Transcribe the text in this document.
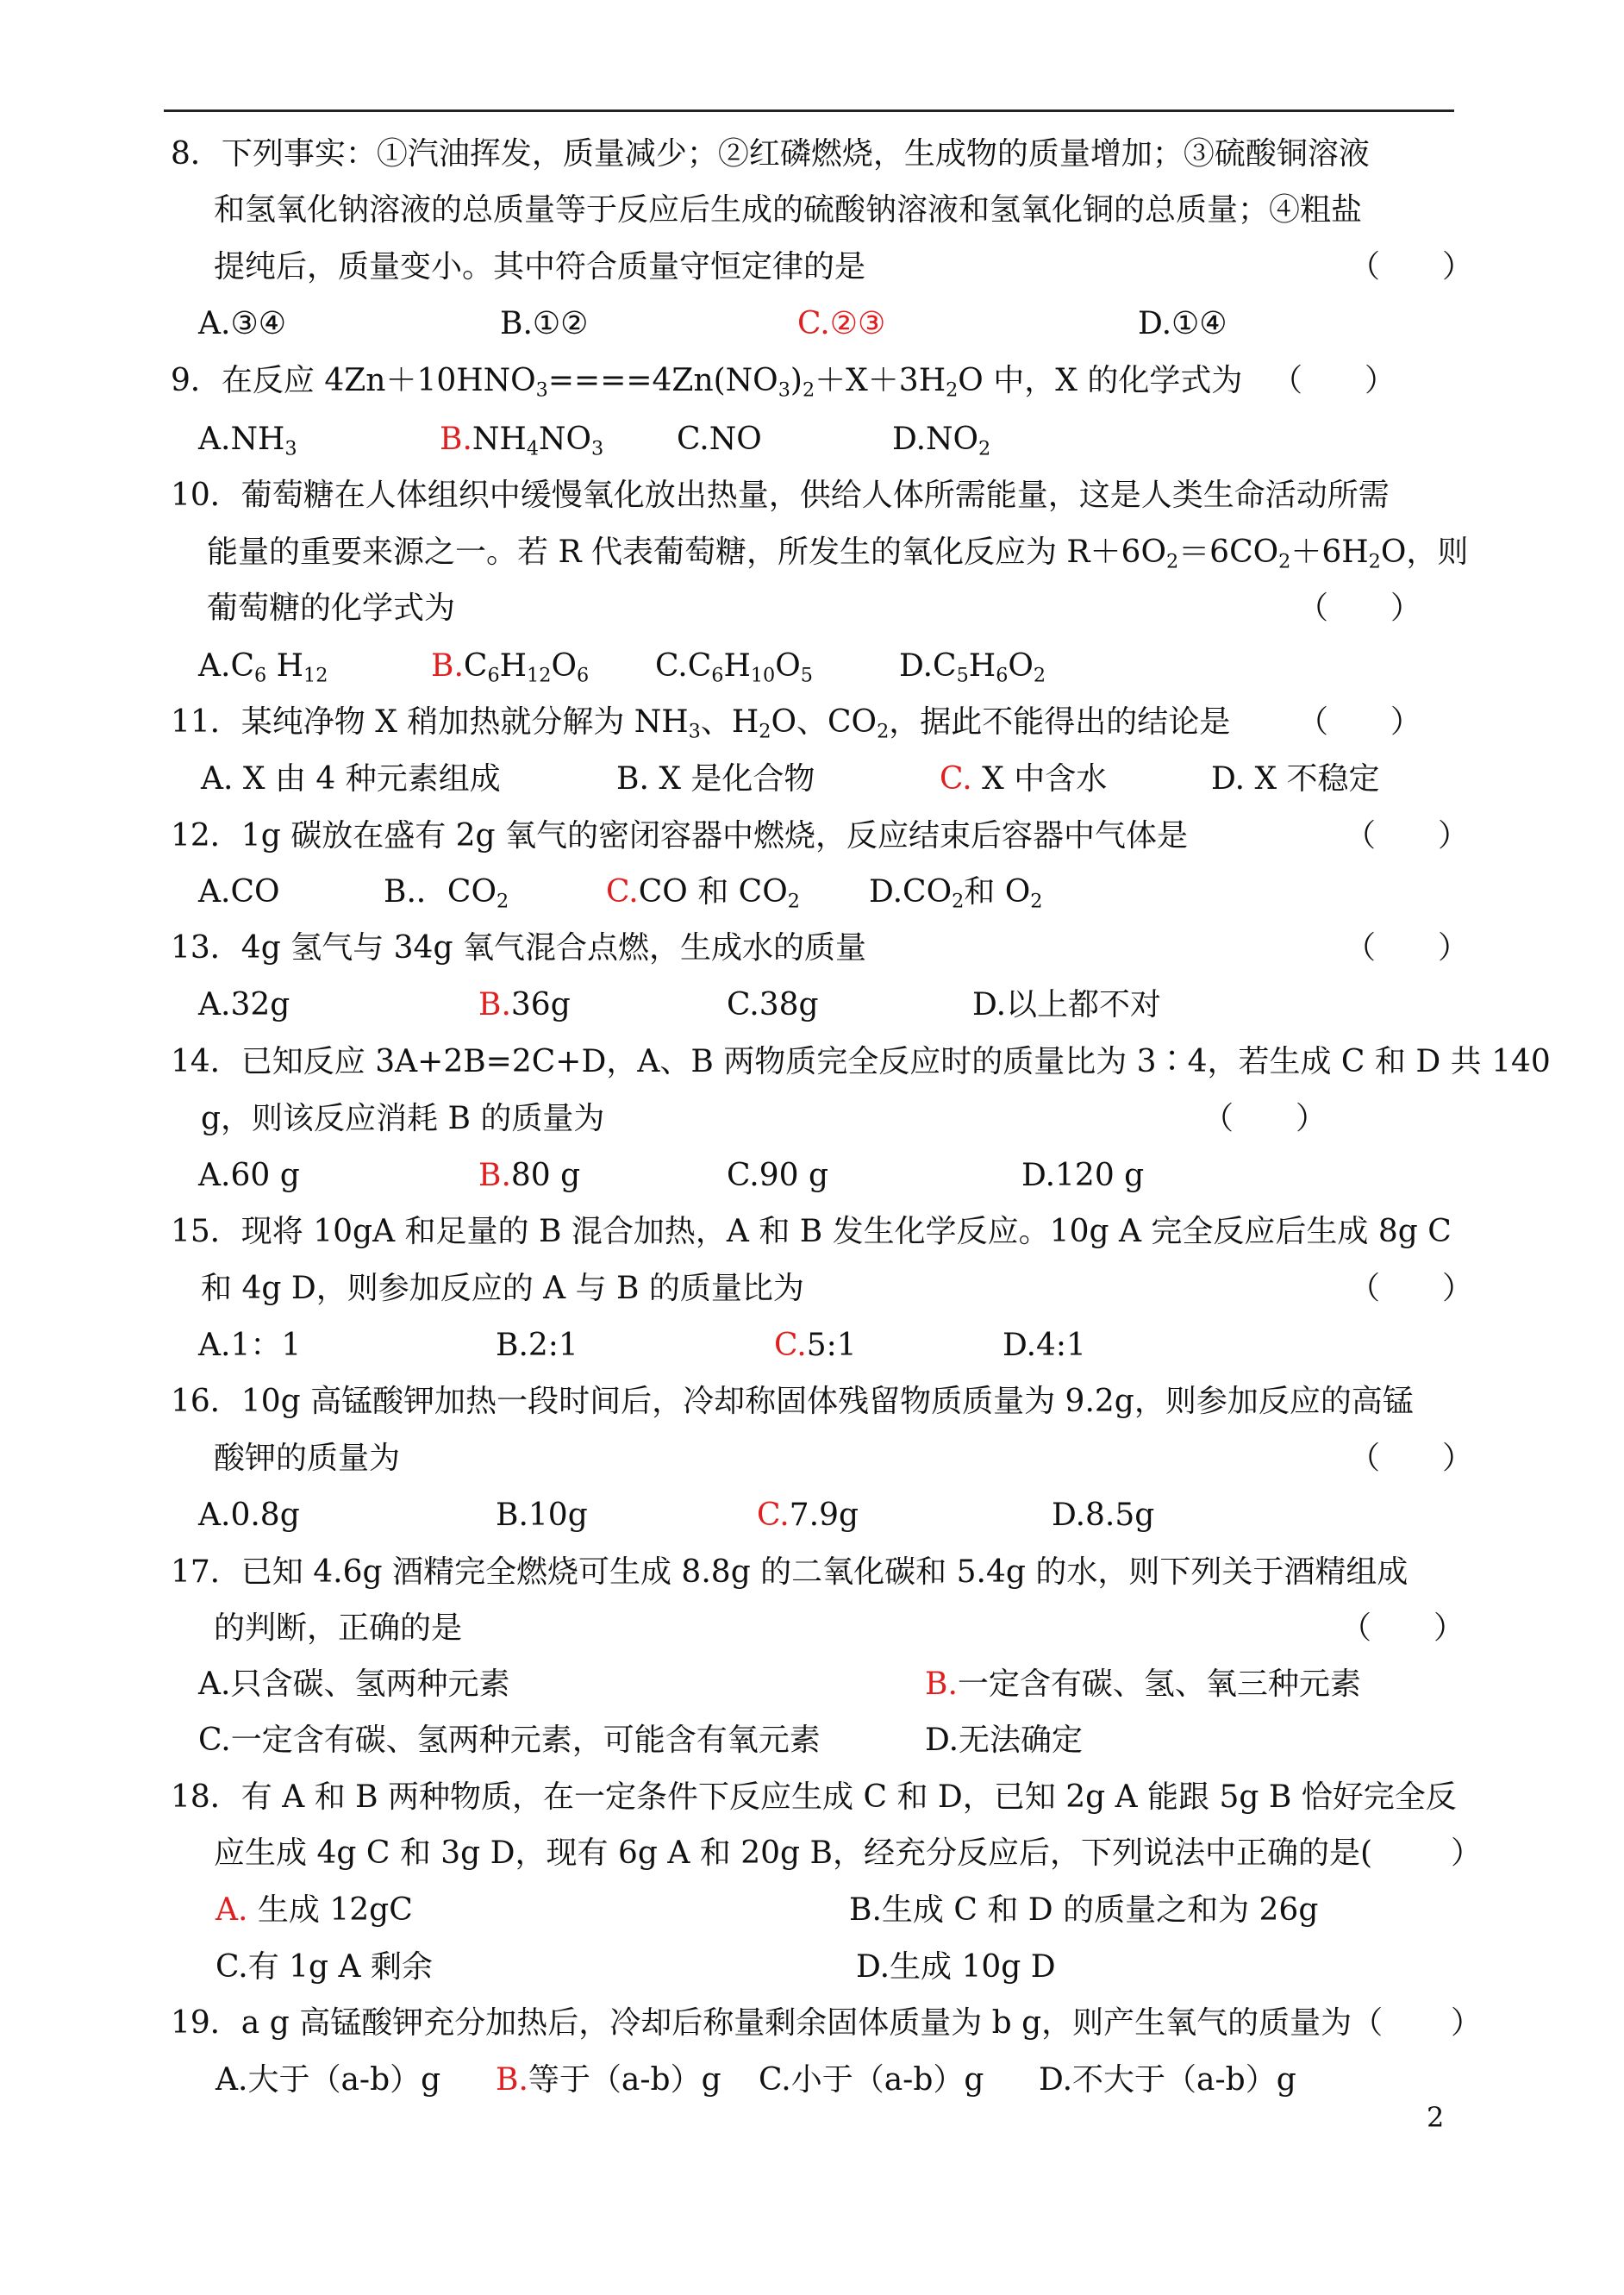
8．下列事实：①汽油挥发，质量减少；②红磷燃烧，生成物的质量增加；③硫酸铜溶液
和氢氧化钠溶液的总质量等于反应后生成的硫酸钠溶液和氢氧化铜的总质量；④粗盐
提纯后，质量变小。其中符合质量守恒定律的是	（　　）
A.③④	B.①②	C.②③	D.①④
9．在反应 $4Zn+10HNO_3====4Zn(NO_3)_2+X+3H_2O$ 中，X 的化学式为 （　　）
$A.NH_3$	$B.NH_4NO_3$ C.NO	$D.NO_2$
10．葡萄糖在人体组织中缓慢氧化放出热量，供给人体所需能量，这是人类生命活动所需
能量的重要来源之一。若 R 代表葡萄糖，所发生的氧化反应为 $R+6O_2=6CO_2+6H_2O$，则
葡萄糖的化学式为	（　　）
$A.C_6$ $H_{12}$	$B.C_6H_{12}O_6$ $C.C_6H_{10}O_5$	$D.C_5H_6O_2$
11．某纯净物 X 稍加热就分解为 $NH_3$、$H_2O$、$CO_2$，据此不能得出的结论是 （　　）
A. X 由 4 种元素组成	B. X 是化合物	C. X 中含水	D. X 不稳定
12．1g 碳放在盛有 2g 氧气的密闭容器中燃烧，反应结束后容器中气体是	（　　）
A.CO	B.．$CO_2$	C.CO 和 $CO_2$ $D.CO_2$和 $O_2$
13．4g 氢气与 34g 氧气混合点燃，生成水的质量	（　　）
A.32g	B.36g	C.38g	D.以上都不对
14．已知反应 3A+2B=2C+D，A、B 两物质完全反应时的质量比为 3∶4，若生成 C 和 D 共 140
g，则该反应消耗 B 的质量为	（　　）
A.60 g	B.80 g	C.90 g	D.120 g
15．现将 10gA 和足量的 B 混合加热，A 和 B 发生化学反应。10g A 完全反应后生成 8g C
和 4g D，则参加反应的 A 与 B 的质量比为	（　　）
A.1：1	B.2:1	C.5:1	D.4:1
16．10g 高锰酸钾加热一段时间后，冷却称固体残留物质质量为 9.2g，则参加反应的高锰
酸钾的质量为	（　　）
A.0.8g	B.10g	C.7.9g	D.8.5g
17．已知 4.6g 酒精完全燃烧可生成 8.8g 的二氧化碳和 5.4g 的水，则下列关于酒精组成
的判断，正确的是	（　　）
A.只含碳、氢两种元素	B.一定含有碳、氢、氧三种元素
C.一定含有碳、氢两种元素，可能含有氧元素	D.无法确定
18．有 A 和 B 两种物质，在一定条件下反应生成 C 和 D，已知 2g A 能跟 5g B 恰好完全反
应生成 4g C 和 3g D，现有 6g A 和 20g B，经充分反应后，下列说法中正确的是(	）
A. 生成 12gC	B.生成 C 和 D 的质量之和为 26g
C.有 1g A 剩余	D.生成 10g D
19．a g 高锰酸钾充分加热后，冷却后称量剩余固体质量为 b g，则产生氧气的质量为（ ）
A.大于（a-b）g B.等于（a-b）g C.小于（a-b）g D.不大于（a-b）g
2
